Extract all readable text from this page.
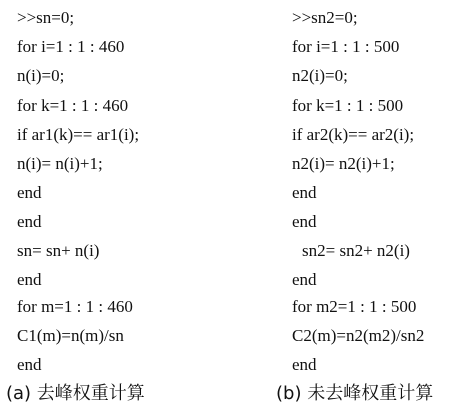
>>sn=0;
for i=1 : 1 : 460
n(i)=0;
for k=1 : 1 : 460
if ar1(k)== ar1(i);
n(i)= n(i)+1;
end
end
sn= sn+ n(i)
end
for m=1 : 1 : 460
C1(m)=n(m)/sn
end
>>sn2=0;
for i=1 : 1 : 500
n2(i)=0;
for k=1 : 1 : 500
if ar2(k)== ar2(i);
n2(i)= n2(i)+1;
end
end
sn2= sn2+ n2(i)
end
for m2=1 : 1 : 500
C2(m)=n2(m2)/sn2
end
(a) 去峰权重计算	(b) 未去峰权重计算
